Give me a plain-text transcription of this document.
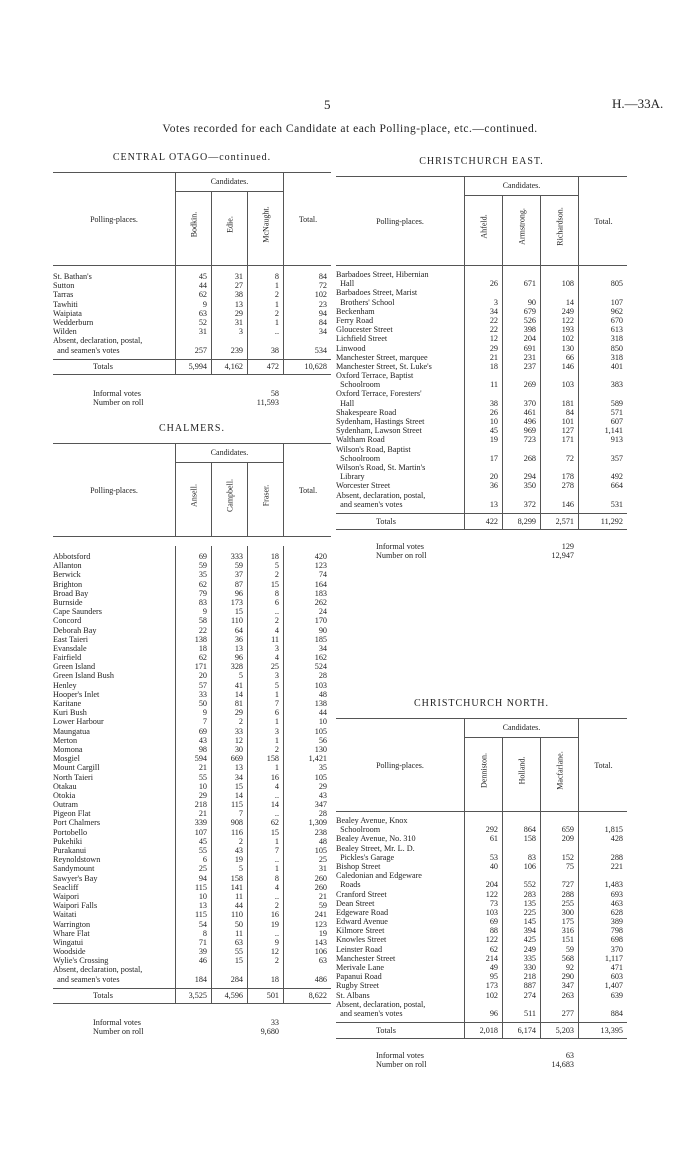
5	H.—33A.
Votes recorded for each Candidate at each Polling-place, etc.—continued.
CENTRAL OTAGO—continued.
Polling-places.
Candidates.
Bodkin.	Edie.	McNaught.	Total.
St. Bathan's	45	31	8	84
Sutton	44	27	1	72
Tarras	62	38	2	102
Tawhiti	9	13	1	23
Waipiata	63	29	2	94
Wedderburn	52	31	1	84
Wilden	31	3	..	34
Absent, declaration, postal,
and seamen's votes	257	239	38	534
Totals	5,994	4,162	472	10,628
Informal votes	58
Number on roll	11,593
CHALMERS.
Polling-places.
Candidates.
Ansell.	Campbell.	Fraser.	Total.
Abbotsford	69	333	18	420
Allanton	59	59	5	123
Berwick	35	37	2	74
Brighton	62	87	15	164
Broad Bay	79	96	8	183
Burnside	83	173	6	262
Cape Saunders	9	15	..	24
Concord	58	110	2	170
Deborah Bay	22	64	4	90
East Taieri	138	36	11	185
Evansdale	18	13	3	34
Fairfield	62	96	4	162
Green Island	171	328	25	524
Green Island Bush	20	5	3	28
Henley	57	41	5	103
Hooper's Inlet	33	14	1	48
Karitane	50	81	7	138
Kuri Bush	9	29	6	44
Lower Harbour	7	2	1	10
Maungatua	69	33	3	105
Merton	43	12	1	56
Momona	98	30	2	130
Mosgiel	594	669	158	1,421
Mount Cargill	21	13	1	35
North Taieri	55	34	16	105
Otakau	10	15	4	29
Otokia	29	14	..	43
Outram	218	115	14	347
Pigeon Flat	21	7	..	28
Port Chalmers	339	908	62	1,309
Portobello	107	116	15	238
Pukehiki	45	2	1	48
Purakanui	55	43	7	105
Reynoldstown	6	19	..	25
Sandymount	25	5	1	31
Sawyer's Bay	94	158	8	260
Seacliff	115	141	4	260
Waipori	10	11	..	21
Waipori Falls	13	44	2	59
Waitati	115	110	16	241
Warrington	54	50	19	123
Whare Flat	8	11	..	19
Wingatui	71	63	9	143
Woodside	39	55	12	106
Wylie's Crossing	46	15	2	63
Absent, declaration, postal,
and seamen's votes	184	284	18	486
Totals	3,525	4,596	501	8,622
Informal votes	33
Number on roll	9,680
CHRISTCHURCH EAST.
Polling-places.
Candidates.
Ahfeld.	Armstrong.	Richardson.	Total.
Barbadoes Street, Hibernian
Hall	26	671	108	805
Barbadoes Street, Marist
Brothers' School	3	90	14	107
Beckenham	34	679	249	962
Ferry Road	22	526	122	670
Gloucester Street	22	398	193	613
Lichfield Street	12	204	102	318
Linwood	29	691	130	850
Manchester Street, marquee	21	231	66	318
Manchester Street, St. Luke's	18	237	146	401
Oxford Terrace, Baptist
Schoolroom	11	269	103	383
Oxford Terrace, Foresters'
Hall	38	370	181	589
Shakespeare Road	26	461	84	571
Sydenham, Hastings Street	10	496	101	607
Sydenham, Lawson Street	45	969	127	1,141
Waltham Road	19	723	171	913
Wilson's Road, Baptist
Schoolroom	17	268	72	357
Wilson's Road, St. Martin's
Library	20	294	178	492
Worcester Street	36	350	278	664
Absent, declaration, postal,
and seamen's votes	13	372	146	531
Totals	422	8,299	2,571	11,292
Informal votes	129
Number on roll	12,947
CHRISTCHURCH NORTH.
Polling-places.
Candidates.
Denniston.	Holland.	Macfarlane.	Total.
Bealey Avenue, Knox
Schoolroom	292	864	659	1,815
Bealey Avenue, No. 310	61	158	209	428
Bealey Street, Mr. L. D.
Pickles's Garage	53	83	152	288
Bishop Street	40	106	75	221
Caledonian and Edgeware
Roads	204	552	727	1,483
Cranford Street	122	283	288	693
Dean Street	73	135	255	463
Edgeware Road	103	225	300	628
Edward Avenue	69	145	175	389
Kilmore Street	88	394	316	798
Knowles Street	122	425	151	698
Leinster Road	62	249	59	370
Manchester Street	214	335	568	1,117
Merivale Lane	49	330	92	471
Papanui Road	95	218	290	603
Rugby Street	173	887	347	1,407
St. Albans	102	274	263	639
Absent, declaration, postal,
and seamen's votes	96	511	277	884
Totals	2,018	6,174	5,203	13,395
Informal votes	63
Number on roll	14,683
